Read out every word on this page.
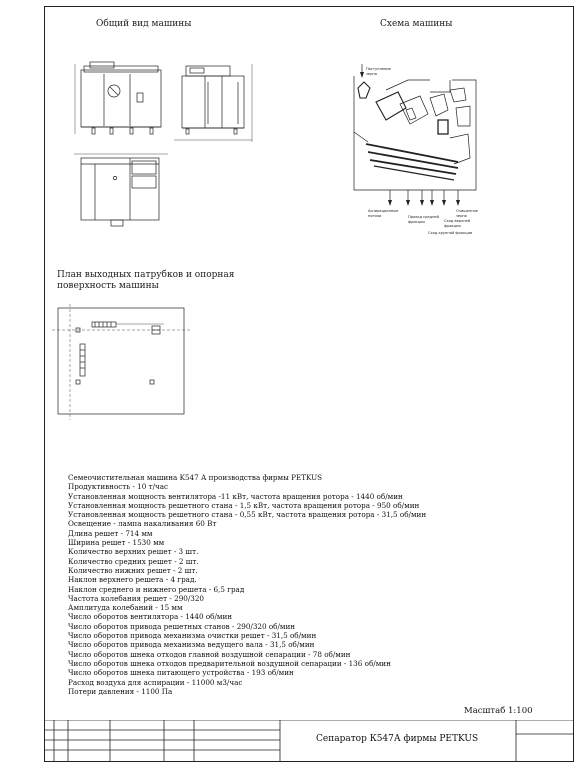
Общий вид машины	Схема машины
План выходных патрубков и опорная
поверхность машины
Поступление
зерна
Аспирационные
потоки	Проход средней
фракции
Очищенное
зерно
Сход верхней
фракции
Сход крупной фракции
Семеочистительная машина K547 А производства фирмы PETKUS
Продуктивность - 10 т/час
Установленная мощность вентилятора -11 кВт, частота вращения ротора - 1440 об/мин
Установленная мощность решетного стана - 1,5 кВт, частота вращения ротора - 950 об/мин
Установленная мощность решетного стана - 0,55 кВт, частота вращения ротора - 31,5 об/мин
Освещение - лампа накаливания 60 Вт
Длина решет - 714 мм
Ширина решет - 1530 мм
Количество верхних решет - 3 шт.
Количество средних решет - 2 шт.
Количество нижних решет - 2 шт.
Наклон верхнего решета - 4 град.
Наклон среднего и нижнего решета - 6,5 град
Частота колебания решет - 290/320
Амплитуда колебаний - 15 мм
Число оборотов вентилятора - 1440 об/мин
Число оборотов привода решетных станов - 290/320 об/мин
Число оборотов привода механизма очистки решет - 31,5 об/мин
Число оборотов привода механизма ведущего вала - 31,5 об/мин
Число оборотов шнека отходов главной воздушной сепарации - 78 об/мин
Число оборотов шнека отходов предварительной воздушной сепарации - 136 об/мин
Число оборотов шнека питающего устройства - 193 об/мин
Расход воздуха для аспирации - 11000 м3/час
Потери давления - 1100 Па
Масштаб 1:100
Сепаратор К547А фирмы PETKUS
